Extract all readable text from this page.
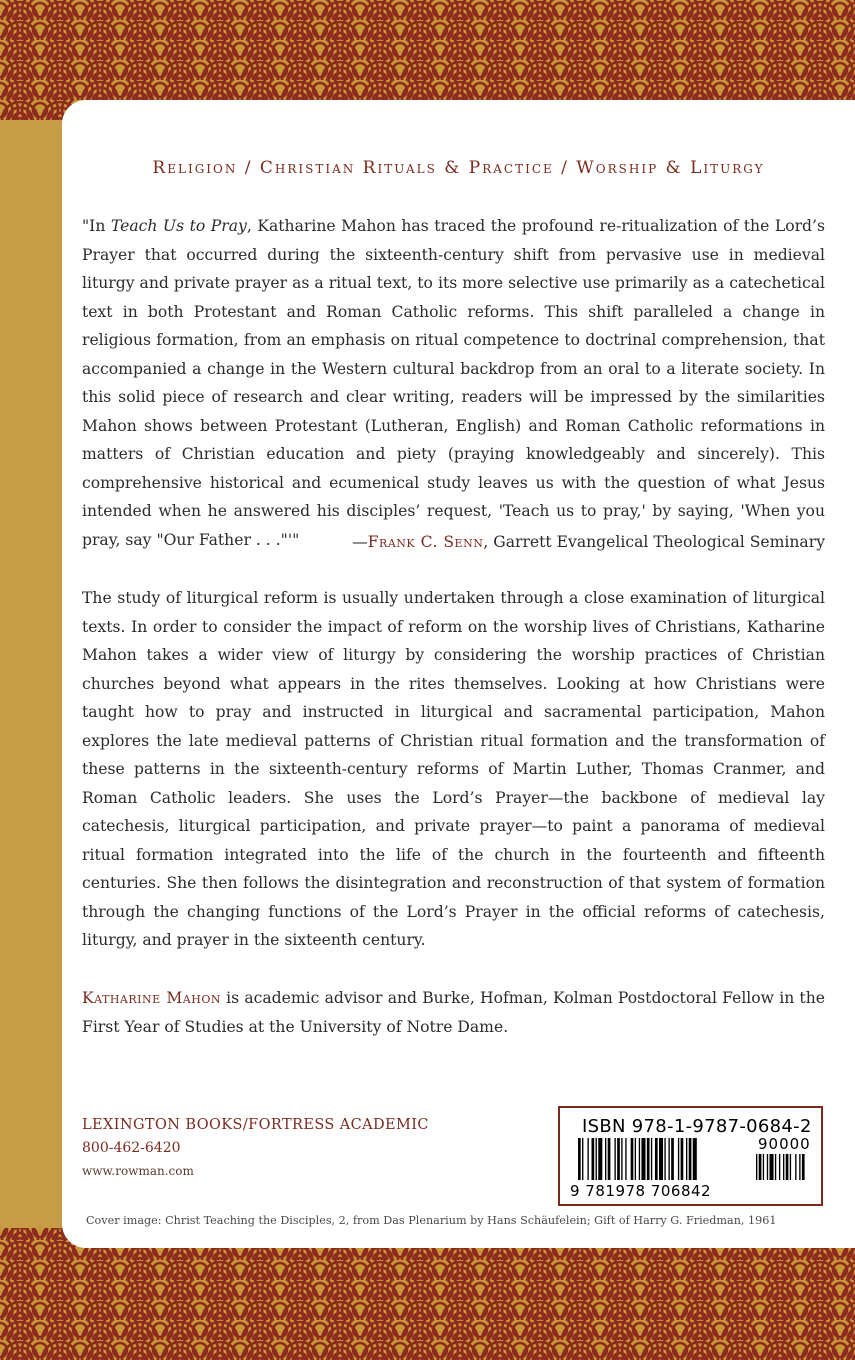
Religion / Christian Rituals & Practice / Worship & Liturgy
"In Teach Us to Pray, Katharine Mahon has traced the profound re-ritualization of the Lord’s Prayer that occurred during the sixteenth-century shift from pervasive use in medieval liturgy and private prayer as a ritual text, to its more selective use primarily as a catechetical text in both Protestant and Roman Catholic reforms. This shift paralleled a change in religious formation, from an emphasis on ritual competence to doctrinal comprehension, that accompanied a change in the Western cultural backdrop from an oral to a literate society. In this solid piece of research and clear writing, readers will be impressed by the similarities Mahon shows between Protestant (Lutheran, English) and Roman Catholic reformations in matters of Christian education and piety (praying knowledgeably and sincerely). This comprehensive historical and ecumenical study leaves us with the question of what Jesus intended when he answered his disciples’ request, 'Teach us to pray,' by saying, 'When you pray, say "Our Father . . ."'"	—Frank C. Senn, Garrett Evangelical Theological Seminary
The study of liturgical reform is usually undertaken through a close examination of liturgical texts. In order to consider the impact of reform on the worship lives of Christians, Katharine Mahon takes a wider view of liturgy by considering the worship practices of Christian churches beyond what appears in the rites themselves. Looking at how Christians were taught how to pray and instructed in liturgical and sacramental participation, Mahon explores the late medieval patterns of Christian ritual formation and the transformation of these patterns in the sixteenth-century reforms of Martin Luther, Thomas Cranmer, and Roman Catholic leaders. She uses the Lord’s Prayer—the backbone of medieval lay catechesis, liturgical participation, and private prayer—to paint a panorama of medieval ritual formation integrated into the life of the church in the fourteenth and fifteenth centuries. She then follows the disintegration and reconstruction of that system of formation through the changing functions of the Lord’s Prayer in the official reforms of catechesis, liturgy, and prayer in the sixteenth century.
Katharine Mahon is academic advisor and Burke, Hofman, Kolman Postdoctoral Fellow in the First Year of Studies at the University of Notre Dame.
LEXINGTON BOOKS/FORTRESS ACADEMIC
800-462-6420
www.rowman.com
ISBN 978-1-9787-0684-2
90000
9 781978 706842
Cover image: Christ Teaching the Disciples, 2, from Das Plenarium by Hans Schäufelein; Gift of Harry G. Friedman, 1961
